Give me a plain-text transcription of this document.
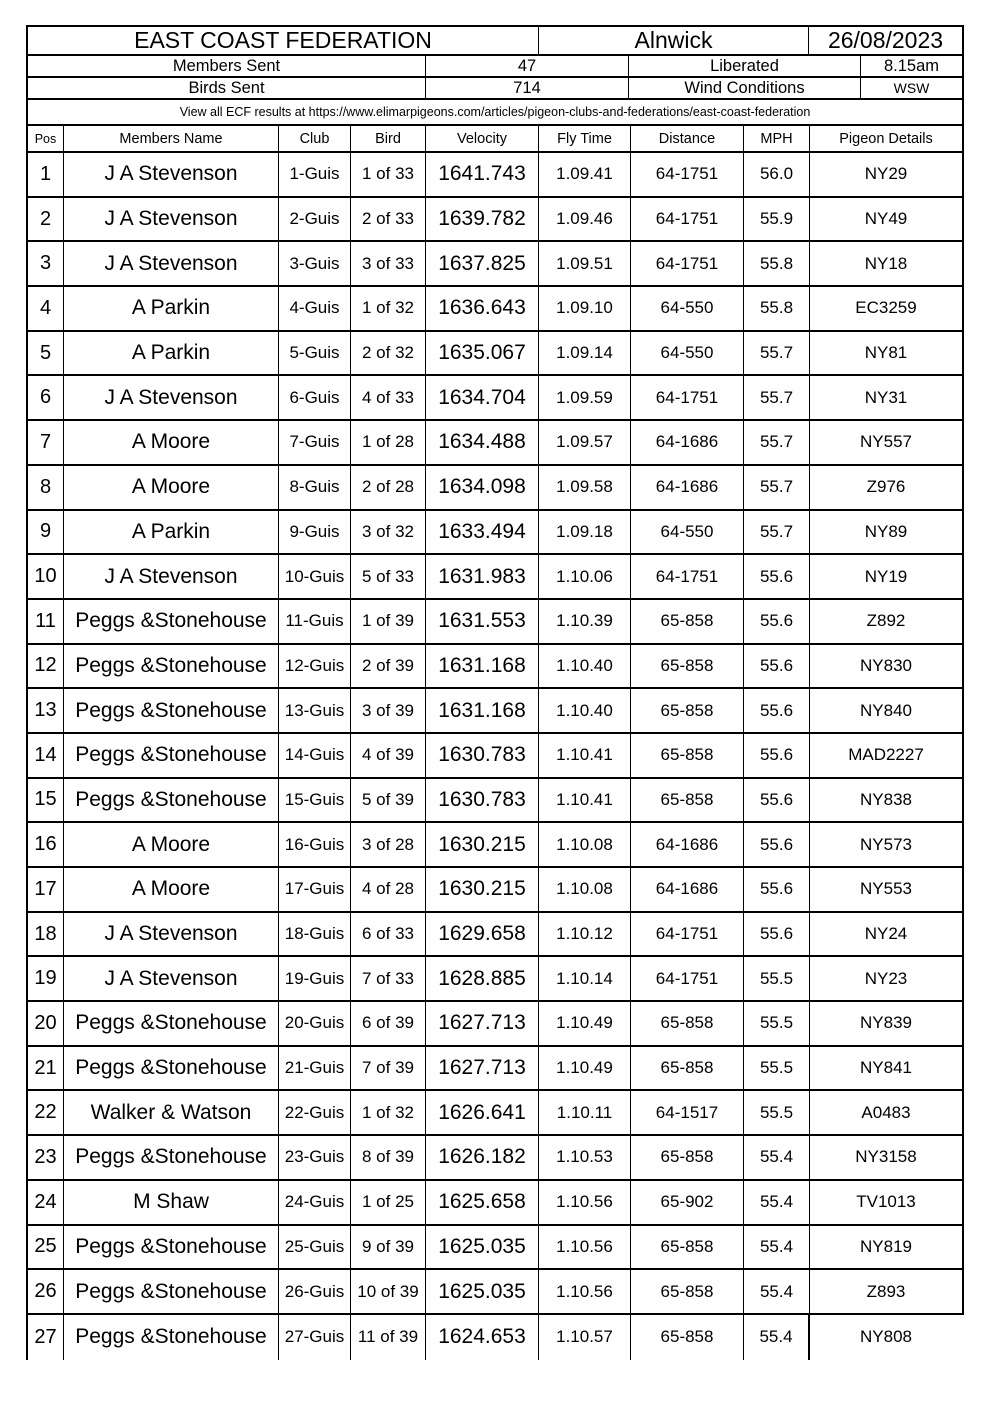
EAST COAST FEDERATION	Alnwick	26/08/2023
Members Sent	47	Liberated	8.15am
Birds Sent	714	Wind Conditions	WSW
View all ECF results at https://www.elimarpigeons.com/articles/pigeon-clubs-and-federations/east-coast-federation
Pos	Members Name	Club	Bird	Velocity	Fly Time	Distance	MPH	Pigeon Details
1	J A Stevenson	1-Guis	1 of 33	1641.743	1.09.41	64-1751	56.0	NY29
2	J A Stevenson	2-Guis	2 of 33	1639.782	1.09.46	64-1751	55.9	NY49
3	J A Stevenson	3-Guis	3 of 33	1637.825	1.09.51	64-1751	55.8	NY18
4	A Parkin	4-Guis	1 of 32	1636.643	1.09.10	64-550	55.8	EC3259
5	A Parkin	5-Guis	2 of 32	1635.067	1.09.14	64-550	55.7	NY81
6	J A Stevenson	6-Guis	4 of 33	1634.704	1.09.59	64-1751	55.7	NY31
7	A Moore	7-Guis	1 of 28	1634.488	1.09.57	64-1686	55.7	NY557
8	A Moore	8-Guis	2 of 28	1634.098	1.09.58	64-1686	55.7	Z976
9	A Parkin	9-Guis	3 of 32	1633.494	1.09.18	64-550	55.7	NY89
10	J A Stevenson	10-Guis	5 of 33	1631.983	1.10.06	64-1751	55.6	NY19
11 Peggs &Stonehouse	11-Guis	1 of 39	1631.553	1.10.39	65-858	55.6	Z892
12 Peggs &Stonehouse	12-Guis	2 of 39	1631.168	1.10.40	65-858	55.6	NY830
13 Peggs &Stonehouse	13-Guis	3 of 39	1631.168	1.10.40	65-858	55.6	NY840
14 Peggs &Stonehouse	14-Guis	4 of 39	1630.783	1.10.41	65-858	55.6	MAD2227
15 Peggs &Stonehouse	15-Guis	5 of 39	1630.783	1.10.41	65-858	55.6	NY838
16	A Moore	16-Guis	3 of 28	1630.215	1.10.08	64-1686	55.6	NY573
17	A Moore	17-Guis	4 of 28	1630.215	1.10.08	64-1686	55.6	NY553
18	J A Stevenson	18-Guis	6 of 33	1629.658	1.10.12	64-1751	55.6	NY24
19	J A Stevenson	19-Guis	7 of 33	1628.885	1.10.14	64-1751	55.5	NY23
20 Peggs &Stonehouse	20-Guis	6 of 39	1627.713	1.10.49	65-858	55.5	NY839
21 Peggs &Stonehouse	21-Guis	7 of 39	1627.713	1.10.49	65-858	55.5	NY841
22	Walker & Watson	22-Guis	1 of 32	1626.641	1.10.11	64-1517	55.5	A0483
23 Peggs &Stonehouse	23-Guis	8 of 39	1626.182	1.10.53	65-858	55.4	NY3158
24	M Shaw	24-Guis	1 of 25	1625.658	1.10.56	65-902	55.4	TV1013
25 Peggs &Stonehouse	25-Guis	9 of 39	1625.035	1.10.56	65-858	55.4	NY819
26 Peggs &Stonehouse	26-Guis 10 of 39 1625.035	1.10.56	65-858	55.4	Z893
27 Peggs &Stonehouse	27-Guis 11 of 39 1624.653	1.10.57	65-858	55.4	NY808
